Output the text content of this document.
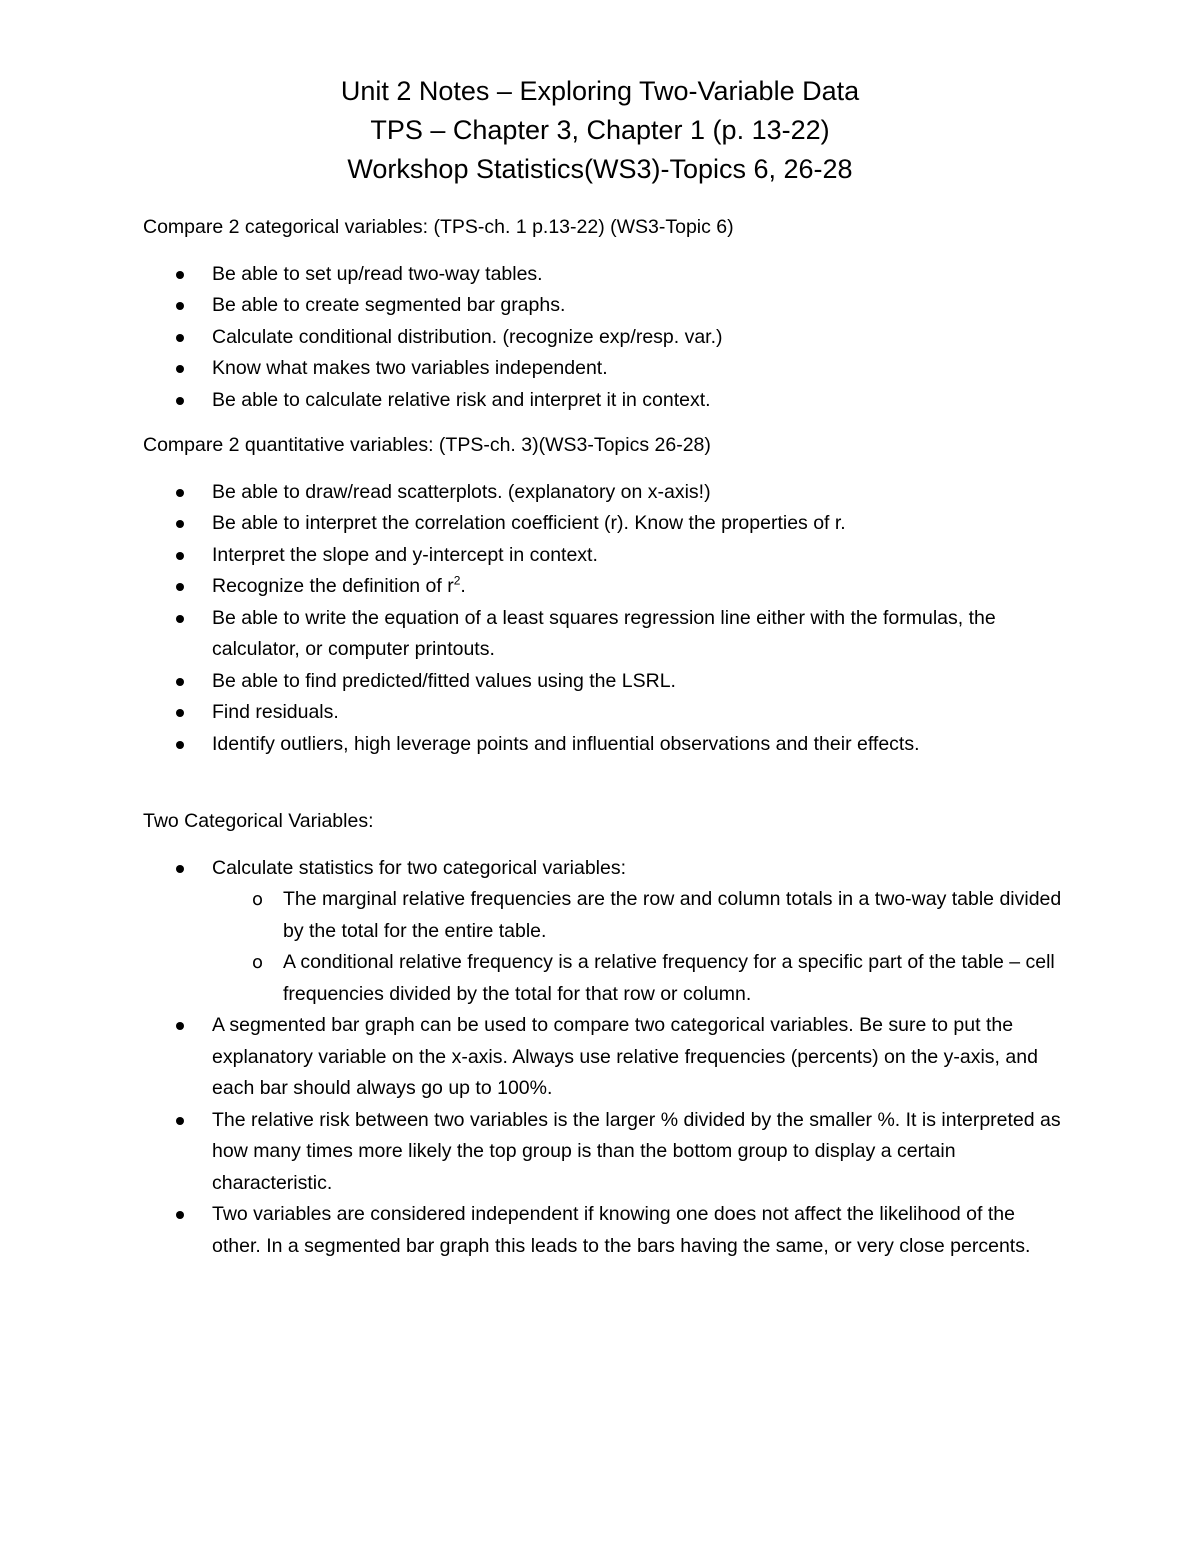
Unit 2 Notes – Exploring Two-Variable Data
TPS – Chapter 3, Chapter 1 (p. 13-22)
Workshop Statistics(WS3)-Topics 6, 26-28

Compare 2 categorical variables: (TPS-ch. 1 p.13-22) (WS3-Topic 6)

Be able to set up/read two-way tables.
Be able to create segmented bar graphs.
Calculate conditional distribution. (recognize exp/resp. var.)
Know what makes two variables independent.
Be able to calculate relative risk and interpret it in context.

Compare 2 quantitative variables: (TPS-ch. 3)(WS3-Topics 26-28)

Be able to draw/read scatterplots. (explanatory on x-axis!)
Be able to interpret the correlation coefficient (r). Know the properties of r.
Interpret the slope and y-intercept in context.
Recognize the definition of $r^2$.
Be able to write the equation of a least squares regression line either with the formulas, the calculator, or computer printouts.
Be able to find predicted/fitted values using the LSRL.
Find residuals.
Identify outliers, high leverage points and influential observations and their effects.

Two Categorical Variables:

Calculate statistics for two categorical variables:
o The marginal relative frequencies are the row and column totals in a two-way table divided by the total for the entire table.
o A conditional relative frequency is a relative frequency for a specific part of the table – cell frequencies divided by the total for that row or column.
A segmented bar graph can be used to compare two categorical variables. Be sure to put the explanatory variable on the x-axis. Always use relative frequencies (percents) on the y-axis, and each bar should always go up to 100%.
The relative risk between two variables is the larger % divided by the smaller %. It is interpreted as how many times more likely the top group is than the bottom group to display a certain characteristic.
Two variables are considered independent if knowing one does not affect the likelihood of the other. In a segmented bar graph this leads to the bars having the same, or very close percents.
